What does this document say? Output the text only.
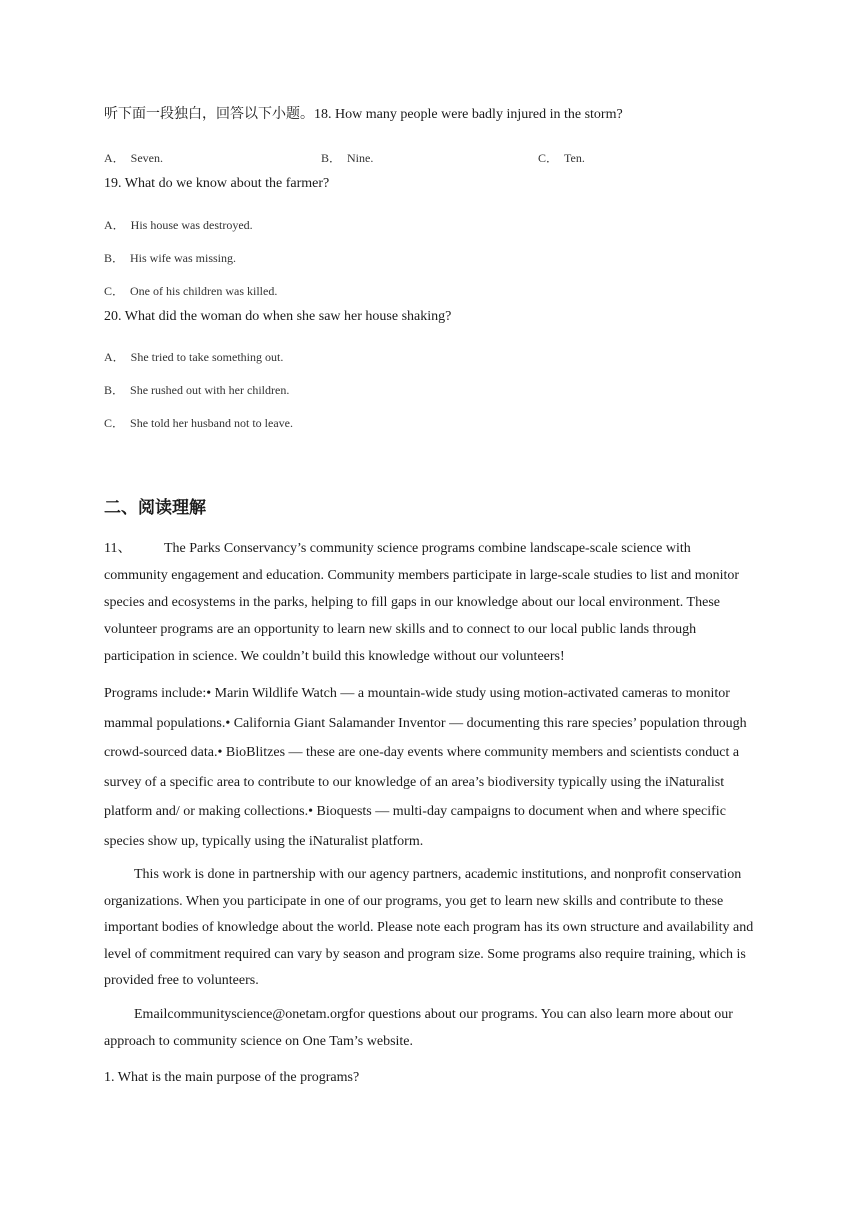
听下面一段独白，回答以下小题。18. How many people were badly injured in the storm?
A． Seven.	B． Nine.	C． Ten.
19. What do we know about the farmer?
A． His house was destroyed.
B． His wife was missing.
C． One of his children was killed.
20. What did the woman do when she saw her house shaking?
A． She tried to take something out.
B． She rushed out with her children.
C． She told her husband not to leave.
二、阅读理解
11、 The Parks Conservancy’s community science programs combine landscape-scale science with community engagement and education. Community members participate in large-scale studies to list and monitor species and ecosystems in the parks, helping to fill gaps in our knowledge about our local environment. These volunteer programs are an opportunity to learn new skills and to connect to our local public lands through participation in science. We couldn’t build this knowledge without our volunteers!
Programs include:• Marin Wildlife Watch — a mountain-wide study using motion-activated cameras to monitor mammal populations.• California Giant Salamander Inventor — documenting this rare species’ population through crowd-sourced data.• BioBlitzes — these are one-day events where community members and scientists conduct a survey of a specific area to contribute to our knowledge of an area’s biodiversity typically using the iNaturalist platform and/ or making collections.• Bioquests — multi-day campaigns to document when and where specific species show up, typically using the iNaturalist platform.
This work is done in partnership with our agency partners, academic institutions, and nonprofit conservation organizations. When you participate in one of our programs, you get to learn new skills and contribute to these important bodies of knowledge about the world. Please note each program has its own structure and availability and level of commitment required can vary by season and program size. Some programs also require training, which is provided free to volunteers.
Emailcommunityscience@onetam.orgfor questions about our programs. You can also learn more about our approach to community science on One Tam’s website.
1. What is the main purpose of the programs?
